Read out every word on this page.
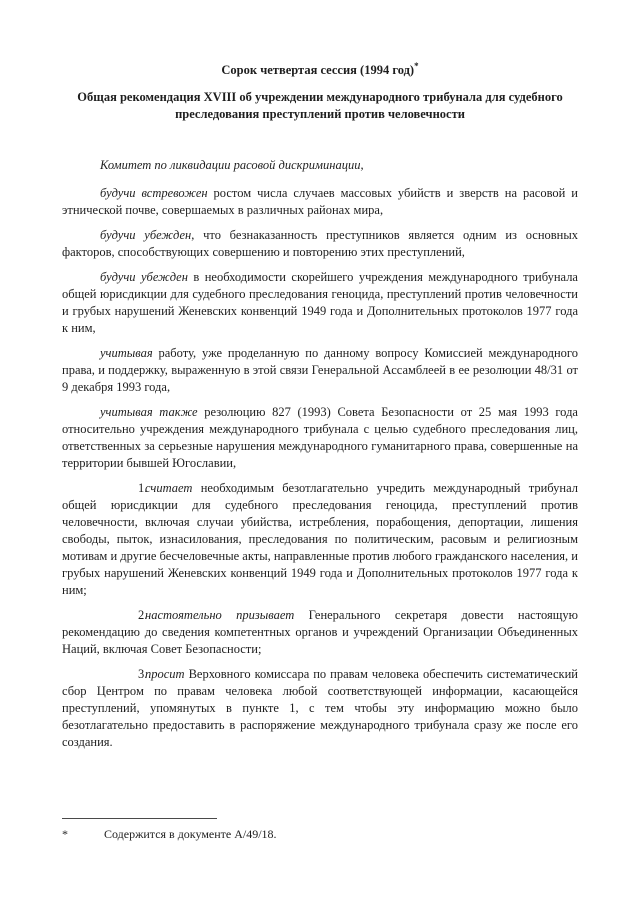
Сорок четвертая сессия (1994 год)*

Общая рекомендация XVIII об учреждении международного трибунала для судебного преследования преступлений против человечности

Комитет по ликвидации расовой дискриминации,

будучи встревожен ростом числа случаев массовых убийств и зверств на расовой и этнической почве, совершаемых в различных районах мира,

будучи убежден, что безнаказанность преступников является одним из основных факторов, способствующих совершению и повторению этих преступлений,

будучи убежден в необходимости скорейшего учреждения международного трибунала общей юрисдикции для судебного преследования геноцида, преступлений против человечности и грубых нарушений Женевских конвенций 1949 года и Дополнительных протоколов 1977 года к ним,

учитывая работу, уже проделанную по данному вопросу Комиссией международного права, и поддержку, выраженную в этой связи Генеральной Ассамблеей в ее резолюции 48/31 от 9 декабря 1993 года,

учитывая также резолюцию 827 (1993) Совета Безопасности от 25 мая 1993 года относительно учреждения международного трибунала с целью судебного преследования лиц, ответственных за серьезные нарушения международного гуманитарного права, совершенные на территории бывшей Югославии,

1.считает необходимым безотлагательно учредить международный трибунал общей юрисдикции для судебного преследования геноцида, преступлений против человечности, включая случаи убийства, истребления, порабощения, депортации, лишения свободы, пыток, изнасилования, преследования по политическим, расовым и религиозным мотивам и другие бесчеловечные акты, направленные против любого гражданского населения, и грубых нарушений Женевских конвенций 1949 года и Дополнительных протоколов 1977 года к ним;

2.настоятельно призывает Генерального секретаря довести настоящую рекомендацию до сведения компетентных органов и учреждений Организации Объединенных Наций, включая Совет Безопасности;

3.просит Верховного комиссара по правам человека обеспечить систематический сбор Центром по правам человека любой соответствующей информации, касающейся преступлений, упомянутых в пункте 1, с тем чтобы эту информацию можно было безотлагательно предоставить в распоряжение международного трибунала сразу же после его создания.

*	Содержится в документе A/49/18.
